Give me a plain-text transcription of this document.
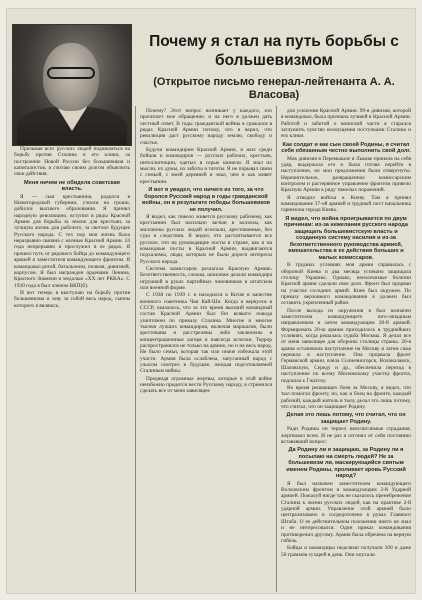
Почему я стал на путь борьбы с большевизмом
(Открытое письмо генерал-лейтенанта А. А. Власова)

Призывая всех русских людей подниматься на борьбу против Сталина и его клики, за построение Новой России без большевиков и капиталистов, я считаю своим долгом объяснить свои действия.

Меня ничем не обидела советская власть.

Я — сын крестьянина, родился в Нижегородской губернии, учился на гроши, добился высшего образования. Я принял народную революцию, вступил в ряды Красной Армии для борьбы за землю для крестьян, за лучшую жизнь для рабочего, за светлое будущее Русского народа. С тех пор моя жизнь была неразрывно связана с жизнью Красной Армии. 24 года непрерывно я прослужил в ее рядах. Я прошел путь от рядового бойца до командующего армией и заместителя командующего фронтом. Я командовал ротой, батальоном, полком, дивизией, корпусом. Я был награжден орденами Ленина, Красного Знамени и медалью «XX лет РККА». С 1930 года я был членом ВКП(б).

И вот теперь я выступаю на борьбу против большевизма и зову за собой весь народ, сыном которого я являюсь.

Почему? Этот вопрос возникает у каждого, кто прочитает мое обращение, и на него я должен дать честный ответ. В годы гражданской войны я сражался в рядах Красной Армии потому, что я верил, что революция даст русскому народу землю, свободу и счастье.

Будучи командиром Красной Армии, я жил среди бойцов и командиров — русских рабочих, крестьян, интеллигенции, одетых в серые шинели. Я знал их мысли, их думы, их заботы и тяготы. Я не порывал связи с семьей, с моей деревней и знал, чем и как живет крестьянин.

И вот я увидел, что ничего из того, за что боролся Русский народ в годы гражданской войны, он в результате победы большевиков не получил.

Я видел, как тяжело живется русскому рабочему, как крестьянин был насильно загнан в колхозы, как миллионы русских людей исчезали, арестованные, без суда и следствия. Я видел, что растаптывается все русское, что на руководящие посты в стране, как и на командные посты в Красной Армии, выдвигаются подхалимы, люди, которым не были дороги интересы Русского народа.

Система комиссаров разлагала Красную Армию. Безответственность, слежка, шпионаж делали командира игрушкой в руках партийных чиновников в штатском или военной форме.

С 1938 по 1939 г. я находился в Китае в качестве военного советника Чан Кай-Ши. Когда я вернулся в СССР, оказалось, что за это время высший командный состав Красной Армии был без всякого повода уничтожен по приказу Сталина. Многие и многие тысячи лучших командиров, включая маршалов, были арестованы и расстреляны либо заключены в концентрационные лагеря и навсегда исчезли. Террор распространялся не только на армию, но и на весь народ. Не было семьи, которая так или иначе избежала этой участи. Армия была ослаблена, запуганный народ с ужасом смотрел в будущее, ожидая подготовляемой Сталиным войны.

Предвидя огромные жертвы, которые в этой войне неизбежно придется нести Русскому народу, я стремился сделать все от меня зависящее

для усиления Красной Армии. 99-я дивизия, которой я командовал, была признана лучшей в Красной Армии. Работой и заботой о воинской части я старался заглушить чувство возмущения поступками Сталина и его клики.

Как солдат и как сын своей Родины, я считал себя обязанным честно выполнить свой долг.

Моя дивизия в Перемышле и Львове приняла на себя удар, выдержала его и была готова перейти в наступление, но мои предложения были отвергнуты. Нерешительное, развращенное комиссарским контролем и растерянное управление фронтом привело Красную Армию к ряду тяжелых поражений.

Я отводил войска к Киеву. Там я принял командование 37-ой армией и трудный пост начальника гарнизона города Киева.

Я видел, что война проигрывается по двум причинам: из-за нежелания русского народа защищать большевистскую власть и созданную систему насилия и из-за безответственного руководства армией, вмешательства в ее действия больших и малых комиссаров.

В трудных условиях моя армия справилась с обороной Киева и два месяца успешно защищала столицу Украины. Однако, неизлечимые болезни Красной армии сделали свое дело. Фронт был прорван на участке соседних армий. Киев был окружен. По приказу верховного командования я должен был оставить укрепленный район.

После выхода из окружения я был назначен заместителем командующего юго-западным направлением и затем командующим 20-й армией. Формировать 20-ю армию приходилось в труднейших условиях, когда решалась судьба Москвы. Я делал все от меня зависящее для обороны столицы страны. 20-я армия остановила наступление на Москву и затем сама перешла в наступление. Она прорвала фронт Германской армии, взяла Солнечногорск, Волоколамск, Шаховскую, Середу и др., обеспечила переход в наступление по всему Московскому участку фронта, подошла к Гжатску.

Во время решающих боев за Москву, я видел, что тыл помогал фронту, но, как и боец на фронте, каждый рабочий, каждый житель в тылу делал это лишь потому, что считал, что он защищает Родину.

Делая это лишь потому, что считал, что он защищает Родину.

Ради Родины он терпел неисчислимые страдания, жертвовал всем. И не раз я отгонял от себя постоянно встававший вопрос:

Да Родину ли я защищаю, за Родину ли я посылаю на смерть людей? Не за большевизм ли, маскирующийся святым именем Родины, проливает кровь Русский народ?

Я был назначен заместителем командующего Волховским фронтом и командующим 2-й Ударной армией. Пожалуй нигде так не сказалось пренебрежение Сталина к жизни русских людей, как на практике 2-й ударной армии. Управление этой армией было централизовано и сосредоточено в руках Главного Штаба. О ее действительном положении никто не знал и не интересовался. Один приказ командования противоречил другому. Армия была обречена на верную гибель.

Бойцы и командиры неделями получали 100 и даже 50 граммов сухарей в день. Они опухали
